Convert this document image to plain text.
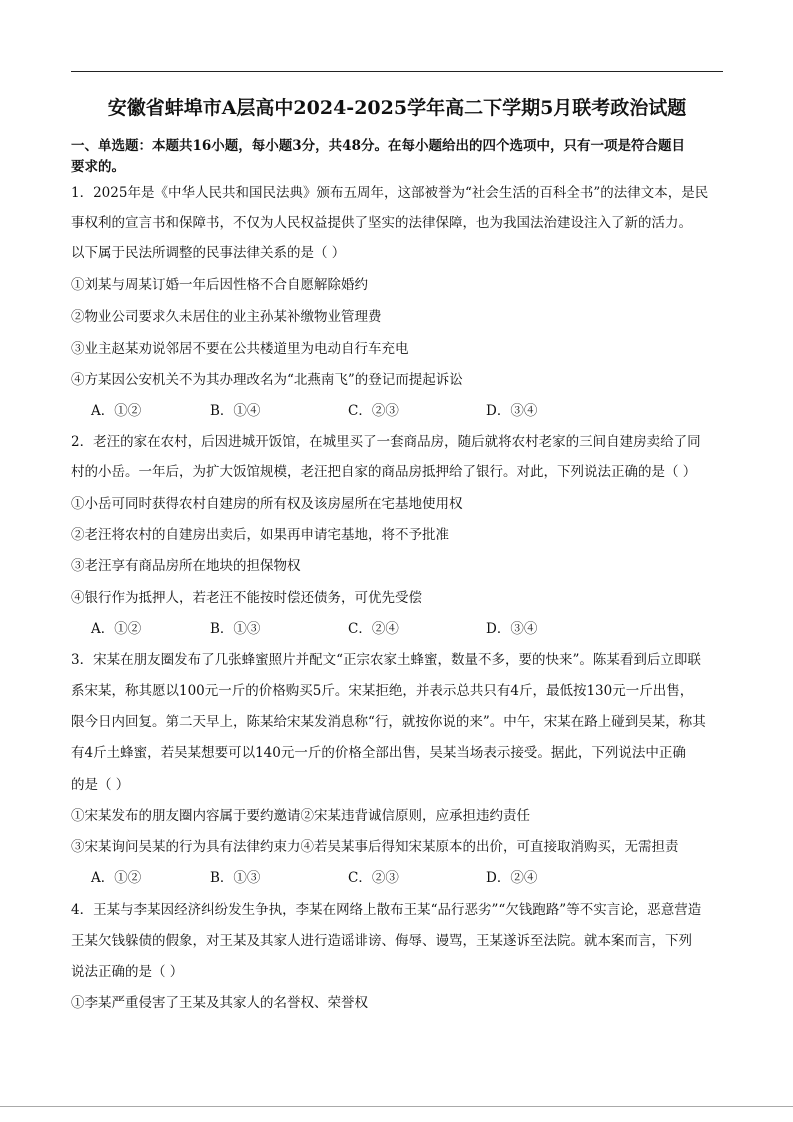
安徽省蚌埠市A层高中2024-2025学年高二下学期5月联考政治试题
一、单选题：本题共16小题，每小题3分，共48分。在每小题给出的四个选项中，只有一项是符合题目
要求的。
1．2025年是《中华人民共和国民法典》颁布五周年，这部被誉为“社会生活的百科全书”的法律文本，是民
事权利的宣言书和保障书，不仅为人民权益提供了坚实的法律保障，也为我国法治建设注入了新的活力。
以下属于民法所调整的民事法律关系的是（ ）
①刘某与周某订婚一年后因性格不合自愿解除婚约
②物业公司要求久未居住的业主孙某补缴物业管理费
③业主赵某劝说邻居不要在公共楼道里为电动自行车充电
④方某因公安机关不为其办理改名为“北燕南飞”的登记而提起诉讼
A．①②	B．①④	C．②③	D．③④
2．老汪的家在农村，后因进城开饭馆，在城里买了一套商品房，随后就将农村老家的三间自建房卖给了同
村的小岳。一年后，为扩大饭馆规模，老汪把自家的商品房抵押给了银行。对此，下列说法正确的是（ ）
①小岳可同时获得农村自建房的所有权及该房屋所在宅基地使用权
②老汪将农村的自建房出卖后，如果再申请宅基地，将不予批准
③老汪享有商品房所在地块的担保物权
④银行作为抵押人，若老汪不能按时偿还债务，可优先受偿
A．①②	B．①③	C．②④	D．③④
3．宋某在朋友圈发布了几张蜂蜜照片并配文“正宗农家土蜂蜜，数量不多，要的快来”。陈某看到后立即联
系宋某，称其愿以100元一斤的价格购买5斤。宋某拒绝，并表示总共只有4斤，最低按130元一斤出售，
限今日内回复。第二天早上，陈某给宋某发消息称“行，就按你说的来”。中午，宋某在路上碰到吴某，称其
有4斤土蜂蜜，若吴某想要可以140元一斤的价格全部出售，吴某当场表示接受。据此，下列说法中正确
的是（ ）
①宋某发布的朋友圈内容属于要约邀请②宋某违背诚信原则，应承担违约责任
③宋某询问吴某的行为具有法律约束力④若吴某事后得知宋某原本的出价，可直接取消购买，无需担责
A．①②	B．①③	C．②③	D．②④
4．王某与李某因经济纠纷发生争执，李某在网络上散布王某“品行恶劣”“欠钱跑路”等不实言论，恶意营造
王某欠钱躲债的假象，对王某及其家人进行造谣诽谤、侮辱、谩骂，王某遂诉至法院。就本案而言，下列
说法正确的是（ ）
①李某严重侵害了王某及其家人的名誉权、荣誉权
